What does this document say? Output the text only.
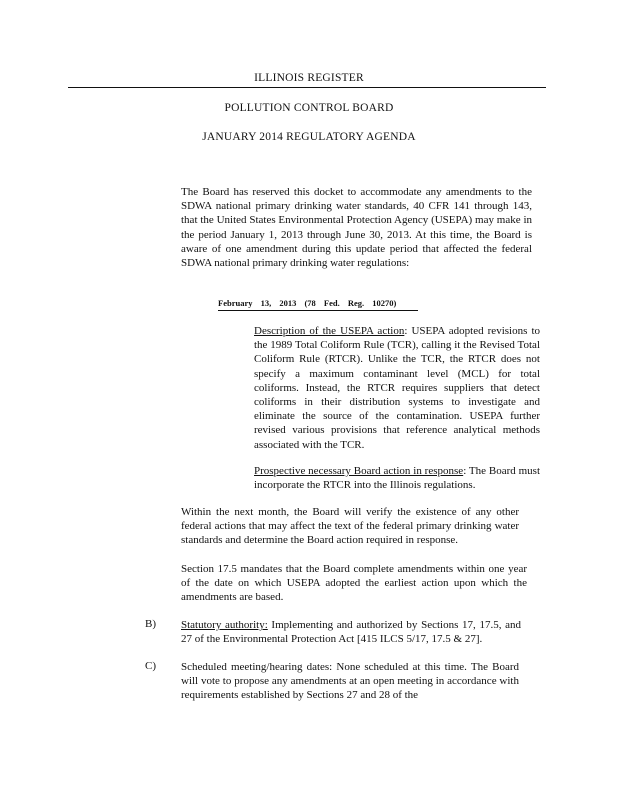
ILLINOIS REGISTER
POLLUTION CONTROL BOARD
JANUARY 2014 REGULATORY AGENDA
The Board has reserved this docket to accommodate any amendments to the SDWA national primary drinking water standards, 40 CFR 141 through 143, that the United States Environmental Protection Agency (USEPA) may make in the period January 1, 2013 through June 30, 2013. At this time, the Board is aware of one amendment during this update period that affected the federal SDWA national primary drinking water regulations:
February 13, 2013 (78 Fed. Reg. 10270)
Description of the USEPA action: USEPA adopted revisions to the 1989 Total Coliform Rule (TCR), calling it the Revised Total Coliform Rule (RTCR). Unlike the TCR, the RTCR does not specify a maximum contaminant level (MCL) for total coliforms. Instead, the RTCR requires suppliers that detect coliforms in their distribution systems to investigate and eliminate the source of the contamination. USEPA further revised various provisions that reference analytical methods associated with the TCR.
Prospective necessary Board action in response: The Board must incorporate the RTCR into the Illinois regulations.
Within the next month, the Board will verify the existence of any other federal actions that may affect the text of the federal primary drinking water standards and determine the Board action required in response.
Section 17.5 mandates that the Board complete amendments within one year of the date on which USEPA adopted the earliest action upon which the amendments are based.
B) Statutory authority: Implementing and authorized by Sections 17, 17.5, and 27 of the Environmental Protection Act [415 ILCS 5/17, 17.5 & 27].
C) Scheduled meeting/hearing dates: None scheduled at this time. The Board will vote to propose any amendments at an open meeting in accordance with requirements established by Sections 27 and 28 of the
